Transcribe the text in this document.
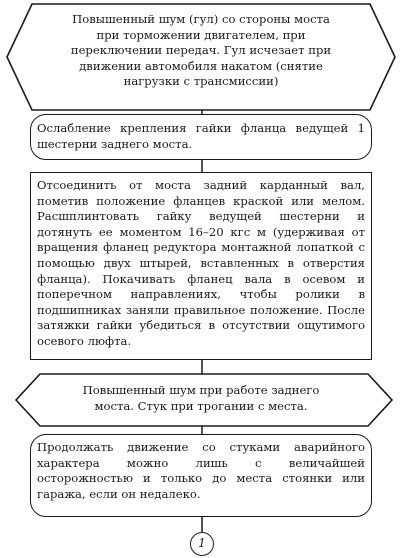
Повышенный шум (гул) со стороны моста при торможении двигателем, при переключении передач. Гул исчезает при движении автомобиля накатом (снятие нагрузки с трансмиссии)
Ослабление крепления гайки фланца ведущей 1 шестерни заднего моста.
Отсоединить от моста задний карданный вал, пометив положение фланцев краской или мелом. Расшплинтовать гайку ведущей шестерни и дотянуть ее моментом 16–20 кгс м (удерживая от вращения фланец редуктора монтажной лопаткой с помощью двух штырей, вставленных в отверстия фланца). Покачивать фланец вала в осевом и поперечном направлениях, чтобы ролики в подшипниках заняли правильное положение. После затяжки гайки убедиться в отсутствии ощутимого осевого люфта.
Повышенный шум при работе заднего моста. Стук при трогании с места.
Продолжать движение со стуками аварийного характера можно лишь с величайшей осторожностью и только до места стоянки или гаража, если он недалеко.
1
